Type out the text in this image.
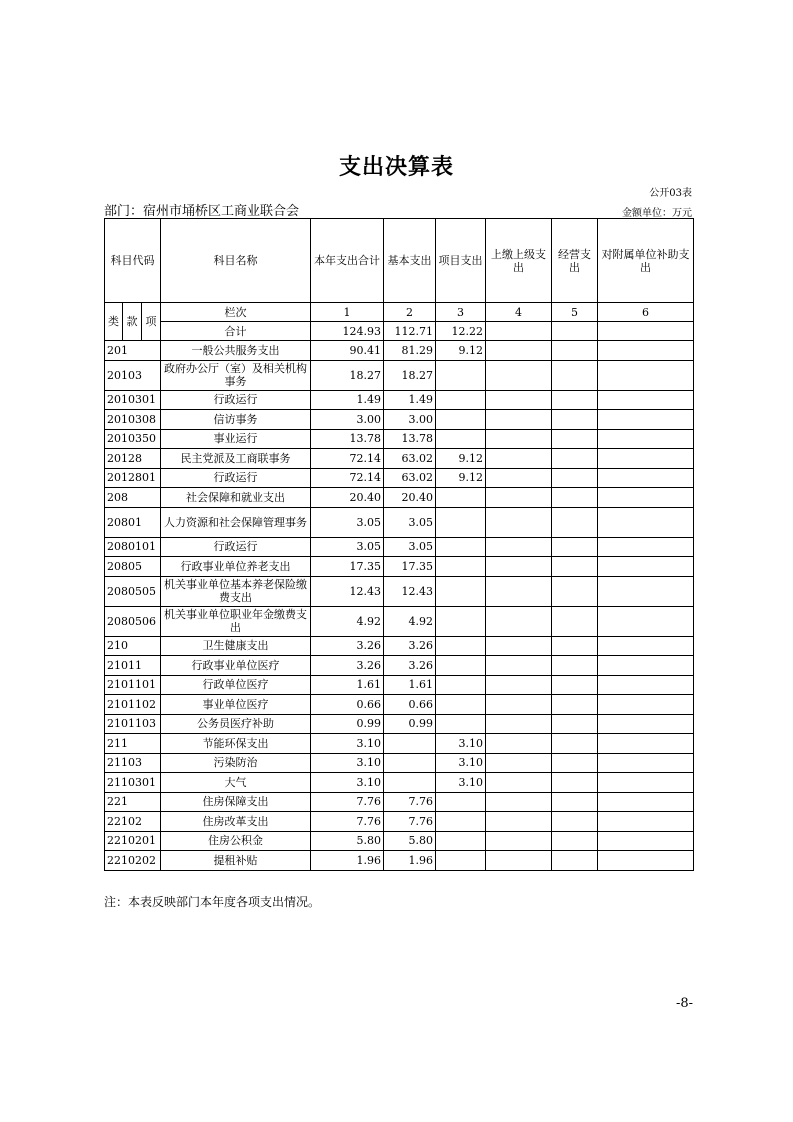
支出决算表
公开03表
部门：宿州市埇桥区工商业联合会	金额单位：万元
科目代码			科目名称	本年支出合计	基本支出	项目支出	上缴上级支出	经营支出	对附属单位补助支出
类	款	项	栏次	1	2	3	4	5	6
			合计	124.93	112.71	12.22			
201			一般公共服务支出	90.41	81.29	9.12			
20103			政府办公厅（室）及相关机构事务	18.27	18.27				
2010301			行政运行	1.49	1.49				
2010308			信访事务	3.00	3.00				
2010350			事业运行	13.78	13.78				
20128			民主党派及工商联事务	72.14	63.02	9.12			
2012801			行政运行	72.14	63.02	9.12			
208			社会保障和就业支出	20.40	20.40				
20801			人力资源和社会保障管理事务	3.05	3.05				
2080101			行政运行	3.05	3.05				
20805			行政事业单位养老支出	17.35	17.35				
2080505			机关事业单位基本养老保险缴费支出	12.43	12.43				
2080506			机关事业单位职业年金缴费支出	4.92	4.92				
210			卫生健康支出	3.26	3.26				
21011			行政事业单位医疗	3.26	3.26				
2101101			行政单位医疗	1.61	1.61				
2101102			事业单位医疗	0.66	0.66				
2101103			公务员医疗补助	0.99	0.99				
211			节能环保支出	3.10		3.10			
21103			污染防治	3.10		3.10			
2110301			大气	3.10		3.10			
221			住房保障支出	7.76	7.76				
22102			住房改革支出	7.76	7.76				
2210201			住房公积金	5.80	5.80				
2210202			提租补贴	1.96	1.96				
注：本表反映部门本年度各项支出情况。
-8-
